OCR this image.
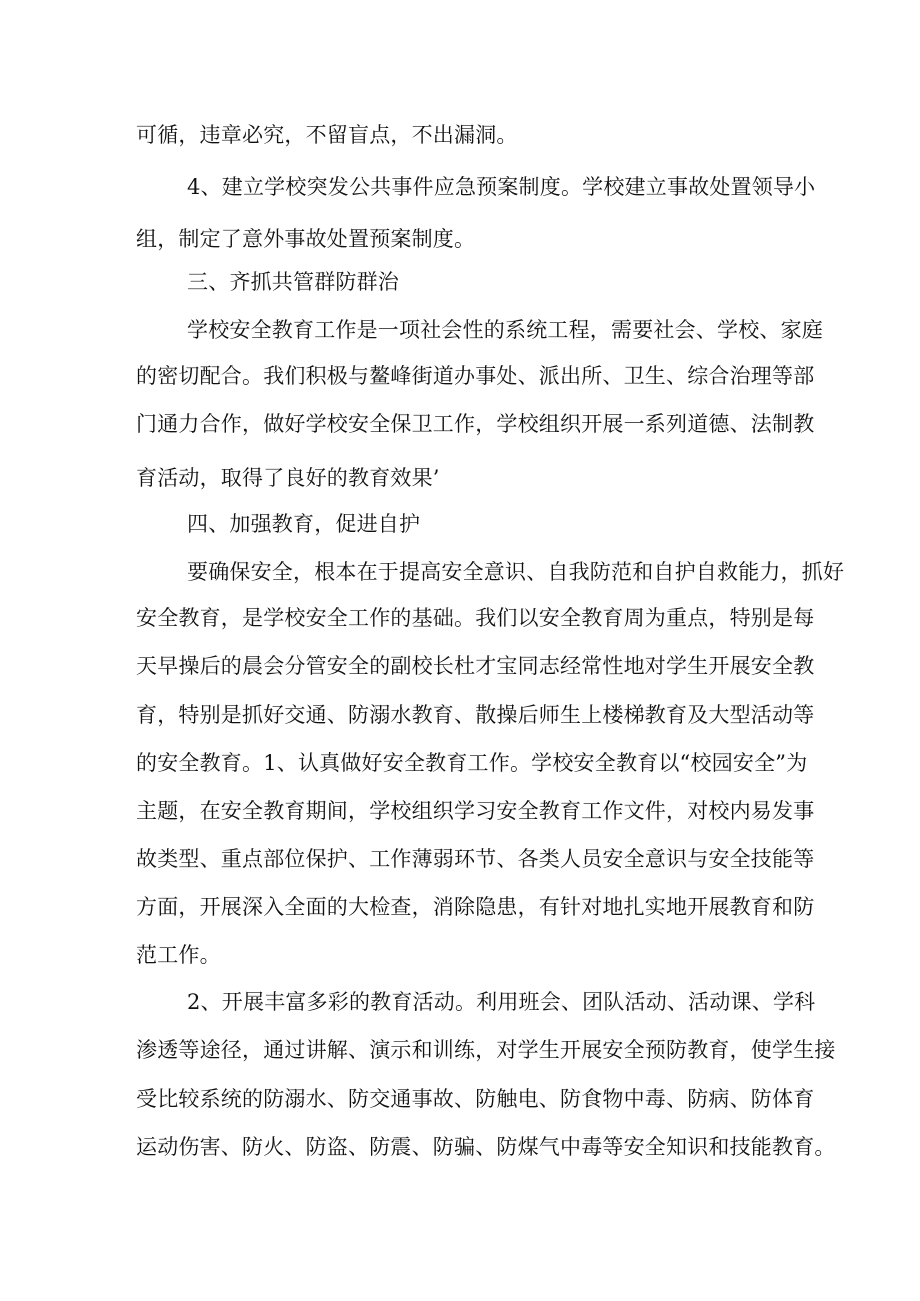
可循，违章必究，不留盲点，不出漏洞。
4、建立学校突发公共事件应急预案制度。学校建立事故处置领导小
组，制定了意外事故处置预案制度。
三、齐抓共管群防群治
学校安全教育工作是一项社会性的系统工程，需要社会、学校、家庭
的密切配合。我们积极与鳌峰街道办事处、派出所、卫生、综合治理等部
门通力合作，做好学校安全保卫工作，学校组织开展一系列道德、法制教
育活动，取得了良好的教育效果’
四、加强教育，促进自护
要确保安全，根本在于提高安全意识、自我防范和自护自救能力，抓好
安全教育，是学校安全工作的基础。我们以安全教育周为重点，特别是每
天早操后的晨会分管安全的副校长杜才宝同志经常性地对学生开展安全教
育，特别是抓好交通、防溺水教育、散操后师生上楼梯教育及大型活动等
的安全教育。1、认真做好安全教育工作。学校安全教育以“校园安全”为
主题，在安全教育期间，学校组织学习安全教育工作文件，对校内易发事
故类型、重点部位保护、工作薄弱环节、各类人员安全意识与安全技能等
方面，开展深入全面的大检查，消除隐患，有针对地扎实地开展教育和防
范工作。
2、开展丰富多彩的教育活动。利用班会、团队活动、活动课、学科
渗透等途径，通过讲解、演示和训练，对学生开展安全预防教育，使学生接
受比较系统的防溺水、防交通事故、防触电、防食物中毒、防病、防体育
运动伤害、防火、防盗、防震、防骗、防煤气中毒等安全知识和技能教育。
